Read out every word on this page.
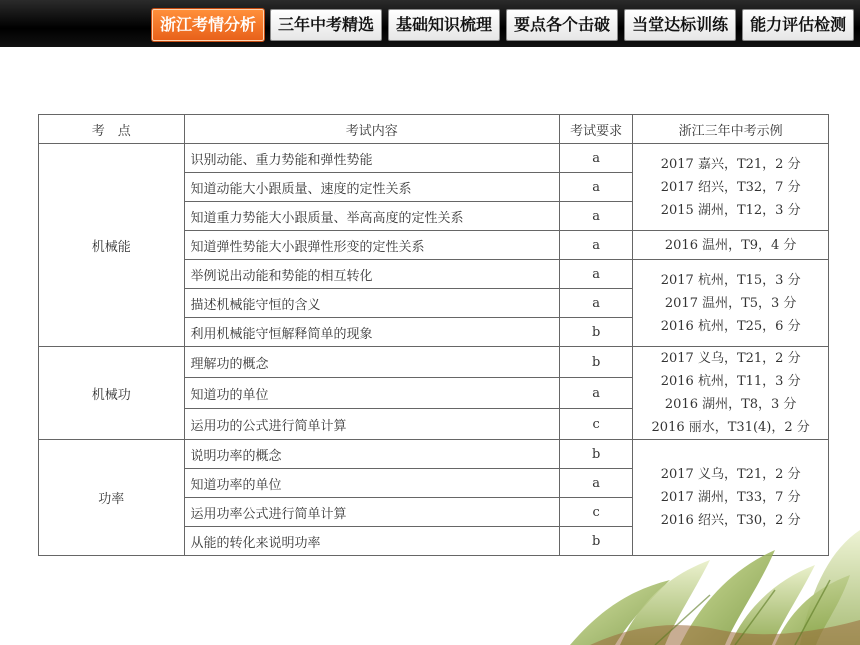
浙江考情分析	三年中考精选	基础知识梳理	要点各个击破	当堂达标训练	能力评估检测
考　点	考试内容	考试要求	浙江三年中考示例
机械能	识别动能、重力势能和弹性势能	a	2017 嘉兴，T21，2 分
2017 绍兴，T32，7 分
2015 湖州，T12，3 分

	知道动能大小跟质量、速度的定性关系	a	
	知道重力势能大小跟质量、举高高度的定性关系	a	
	知道弹性势能大小跟弹性形变的定性关系	a	2016 温州，T9，4 分

	举例说出动能和势能的相互转化	a	2017 杭州，T15，3 分
2017 温州，T5，3 分
2016 杭州，T25，6 分

	描述机械能守恒的含义	a	
	利用机械能守恒解释简单的现象	b	
机械功	理解功的概念	b	2017 义乌，T21，2 分
2016 杭州，T11，3 分
2016 湖州，T8，3 分
2016 丽水，T31(4)，2 分

	知道功的单位	a	
	运用功的公式进行简单计算	c	
功率	说明功率的概念	b	2017 义乌，T21，2 分
2017 湖州，T33，7 分
2016 绍兴，T30，2 分

	知道功率的单位	a	
	运用功率公式进行简单计算	c	
	从能的转化来说明功率	b	
